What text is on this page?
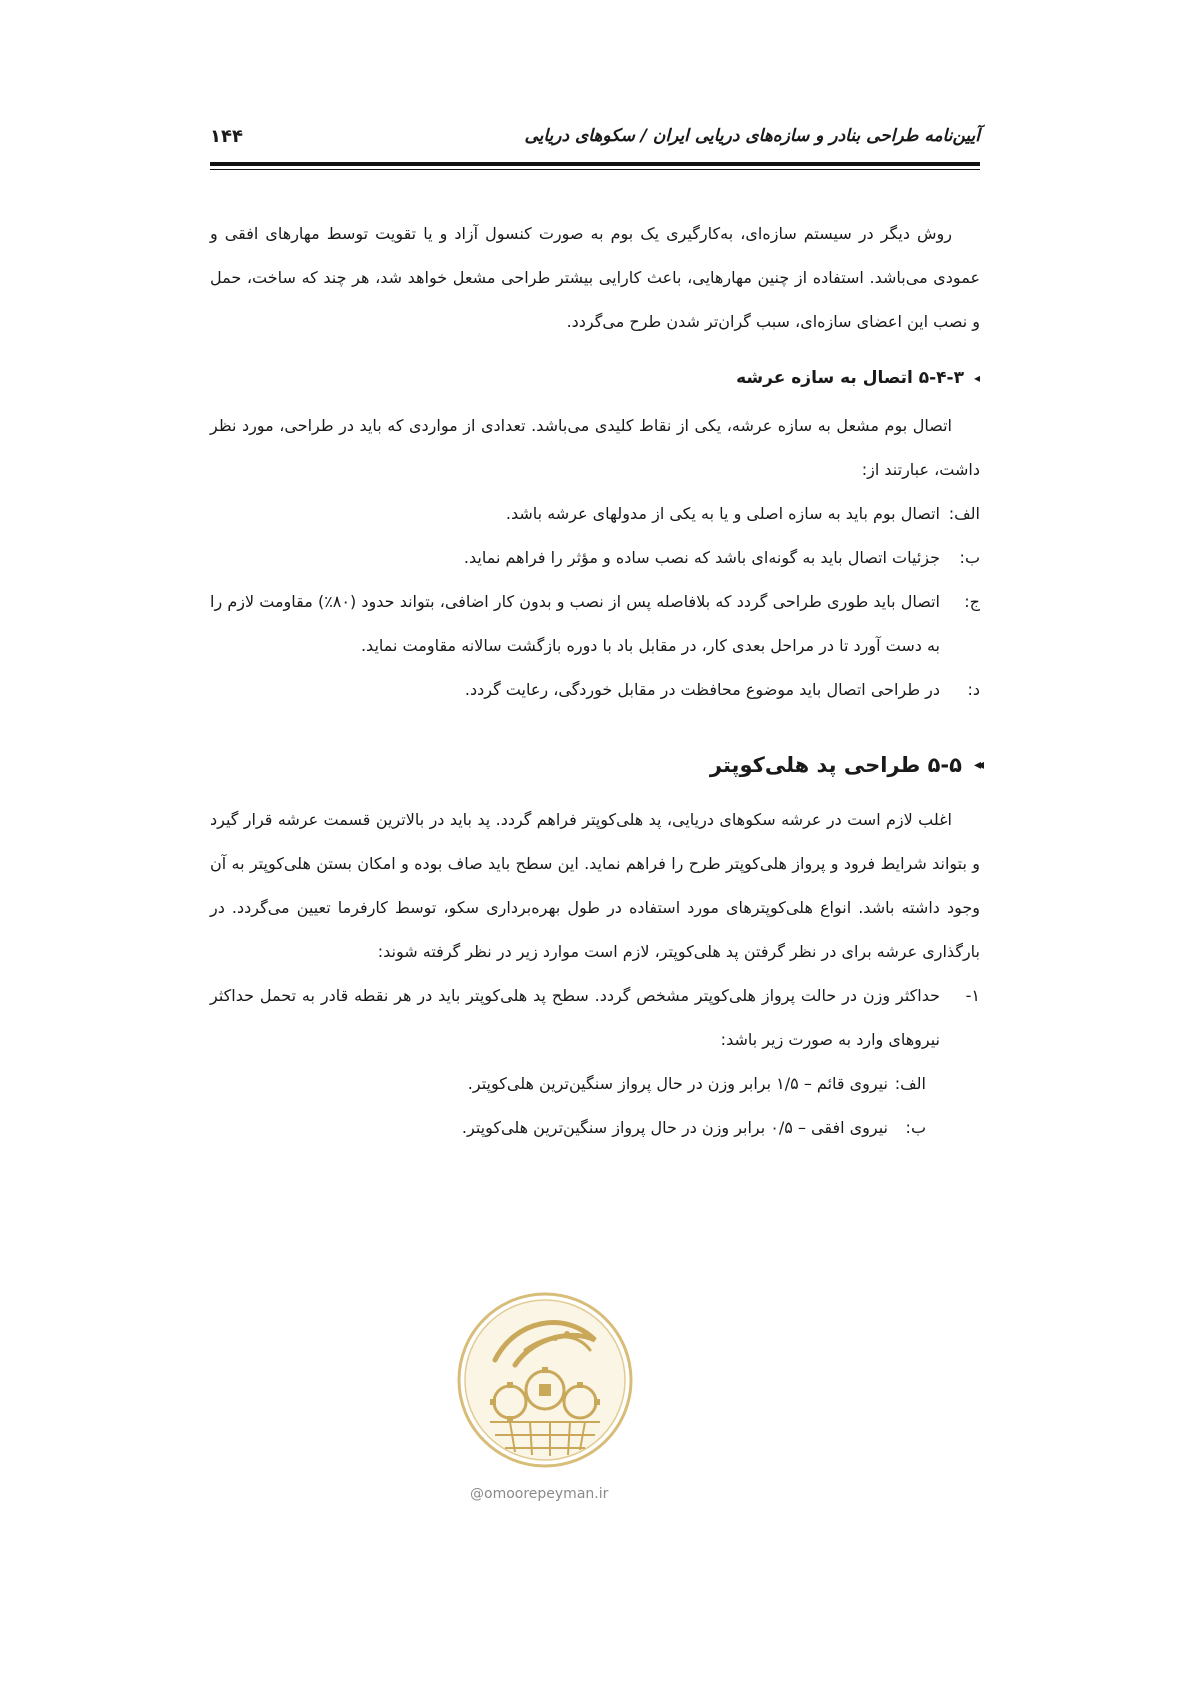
آیین‌نامه طراحی بنادر و سازه‌های دریایی ایران / سکوهای دریایی
۱۴۴

روش دیگر در سیستم سازه‌ای، به‌کارگیری یک بوم به صورت کنسول آزاد و یا تقویت توسط مهارهای افقی و عمودی می‌باشد. استفاده از چنین مهارهایی، باعث کارایی بیشتر طراحی مشعل خواهد شد، هر چند که ساخت، حمل و نصب این اعضای سازه‌ای، سبب گران‌تر شدن طرح می‌گردد.

◂
۵-۴-۳ اتصال به سازه عرشه

اتصال بوم مشعل به سازه عرشه، یکی از نقاط کلیدی می‌باشد. تعدادی از مواردی که باید در طراحی، مورد نظر داشت، عبارتند از:

الف:
اتصال بوم باید به سازه اصلی و یا به یکی از مدولهای عرشه باشد.
ب:
جزئیات اتصال باید به گونه‌ای باشد که نصب ساده و مؤثر را فراهم نماید.
ج:
اتصال باید طوری طراحی گردد که بلافاصله پس از نصب و بدون کار اضافی، بتواند حدود (۸۰٪) مقاومت لازم را به دست آورد تا در مراحل بعدی کار، در مقابل باد با دوره بازگشت سالانه مقاومت نماید.
د:
در طراحی اتصال باید موضوع محافظت در مقابل خوردگی، رعایت گردد.
◂◂
۵-۵ طراحی پد هلی‌کوپتر

اغلب لازم است در عرشه سکوهای دریایی، پد هلی‌کوپتر فراهم گردد. پد باید در بالاترین قسمت عرشه قرار گیرد و بتواند شرایط فرود و پرواز هلی‌کوپتر طرح را فراهم نماید. این سطح باید صاف بوده و امکان بستن هلی‌کوپتر به آن وجود داشته باشد. انواع هلی‌کوپترهای مورد استفاده در طول بهره‌برداری سکو، توسط کارفرما تعیین می‌گردد. در بارگذاری عرشه برای در نظر گرفتن پد هلی‌کوپتر، لازم است موارد زیر در نظر گرفته شوند:

۱-
حداکثر وزن در حالت پرواز هلی‌کوپتر مشخص گردد. سطح پد هلی‌کوپتر باید در هر نقطه قادر به تحمل حداکثر نیروهای وارد به صورت زیر باشد:
الف:
نیروی قائم – ۱/۵ برابر وزن در حال پرواز سنگین‌ترین هلی‌کوپتر.
ب:
نیروی افقی – ۰/۵ برابر وزن در حال پرواز سنگین‌ترین هلی‌کوپتر.
@omoorepeyman.ir
